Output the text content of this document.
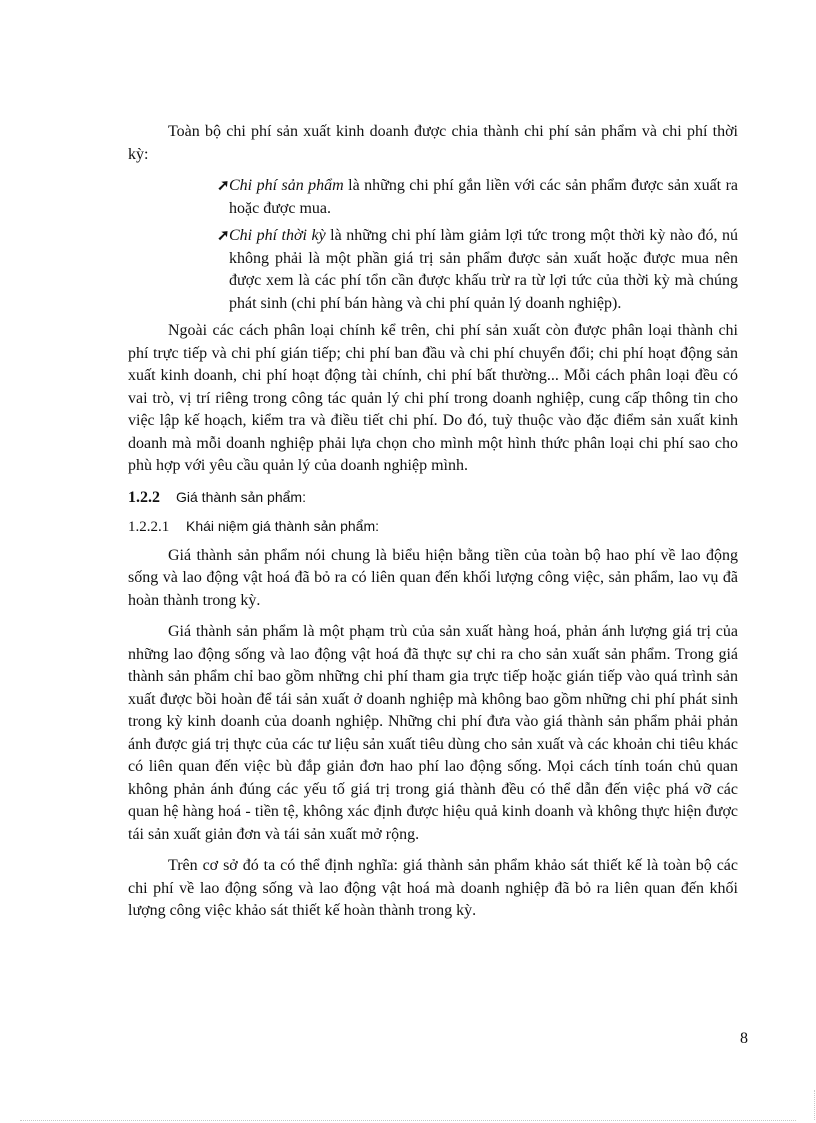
Toàn bộ chi phí sản xuất kinh doanh được chia thành chi phí sản phẩm và chi phí thời kỳ:

➚ Chi phí sản phẩm là những chi phí gắn liền với các sản phẩm được sản xuất ra hoặc được mua.
➚ Chi phí thời kỳ là những chi phí làm giảm lợi tức trong một thời kỳ nào đó, nú không phải là một phần giá trị sản phẩm được sản xuất hoặc được mua nên được xem là các phí tổn cần được khấu trừ ra từ lợi tức của thời kỳ mà chúng phát sinh (chi phí bán hàng và chi phí quản lý doanh nghiệp).

Ngoài các cách phân loại chính kể trên, chi phí sản xuất còn được phân loại thành chi phí trực tiếp và chi phí gián tiếp; chi phí ban đầu và chi phí chuyển đổi; chi phí hoạt động sản xuất kinh doanh, chi phí hoạt động tài chính, chi phí bất thường... Mỗi cách phân loại đều có vai trò, vị trí riêng trong công tác quản lý chi phí trong doanh nghiệp, cung cấp thông tin cho việc lập kế hoạch, kiểm tra và điều tiết chi phí. Do đó, tuỳ thuộc vào đặc điểm sản xuất kinh doanh mà mỗi doanh nghiệp phải lựa chọn cho mình một hình thức phân loại chi phí sao cho phù hợp với yêu cầu quản lý của doanh nghiệp mình.

1.2.2 Giá thành sản phẩm:
1.2.2.1 Khái niệm giá thành sản phẩm:

Giá thành sản phẩm nói chung là biểu hiện bằng tiền của toàn bộ hao phí về lao động sống và lao động vật hoá đã bỏ ra có liên quan đến khối lượng công việc, sản phẩm, lao vụ đã hoàn thành trong kỳ.

Giá thành sản phẩm là một phạm trù của sản xuất hàng hoá, phản ánh lượng giá trị của những lao động sống và lao động vật hoá đã thực sự chi ra cho sản xuất sản phẩm. Trong giá thành sản phẩm chỉ bao gồm những chi phí tham gia trực tiếp hoặc gián tiếp vào quá trình sản xuất được bồi hoàn để tái sản xuất ở doanh nghiệp mà không bao gồm những chi phí phát sinh trong kỳ kinh doanh của doanh nghiệp. Những chi phí đưa vào giá thành sản phẩm phải phản ánh được giá trị thực của các tư liệu sản xuất tiêu dùng cho sản xuất và các khoản chi tiêu khác có liên quan đến việc bù đắp giản đơn hao phí lao động sống. Mọi cách tính toán chủ quan không phản ánh đúng các yếu tố giá trị trong giá thành đều có thể dẫn đến việc phá vỡ các quan hệ hàng hoá - tiền tệ, không xác định được hiệu quả kinh doanh và không thực hiện được tái sản xuất giản đơn và tái sản xuất mở rộng.

Trên cơ sở đó ta có thể định nghĩa: giá thành sản phẩm khảo sát thiết kế là toàn bộ các chi phí về lao động sống và lao động vật hoá mà doanh nghiệp đã bỏ ra liên quan đến khối lượng công việc khảo sát thiết kế hoàn thành trong kỳ.

8
